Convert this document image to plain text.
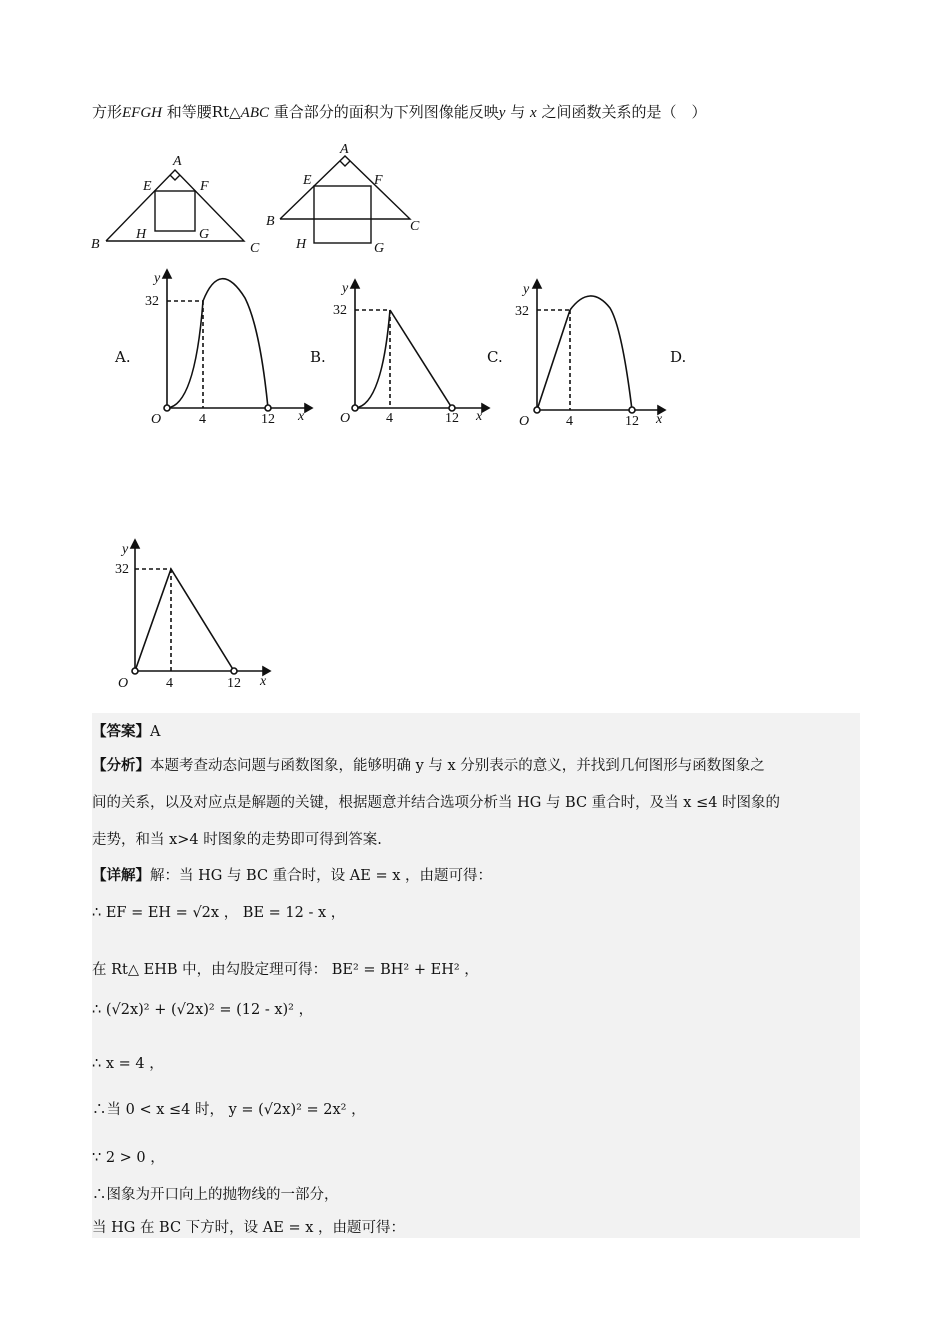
方形EFGH 和等腰Rt△ABC 重合部分的面积为下列图像能反映y 与 x 之间函数关系的是（　）
A
E	F
B
H	G
C
A
E	F
B
H	G
C
A.	B.	C.	D.
y
32
O	4	12 x
y
32
O	4	12 x
y
32
O	4	12 x
y
32
O	4	12 x
【答案】A
【分析】本题考查动态问题与函数图象，能够明确 y 与 x 分别表示的意义，并找到几何图形与函数图象之
间的关系，以及对应点是解题的关键，根据题意并结合选项分析当 HG 与 BC 重合时，及当 x ≤4 时图象的
走势，和当 x>4 时图象的走势即可得到答案.
【详解】解：当 HG 与 BC 重合时，设 AE = x ，由题可得：
∴ EF = EH = √2x ， BE = 12 - x ，
在 Rt△ EHB 中，由勾股定理可得： BE² = BH² + EH² ，
∴ (√2x)² + (√2x)² = (12 - x)² ，
∴ x = 4 ，
∴当 0 < x ≤4 时， y = (√2x)² = 2x² ，
∵ 2 > 0 ，
∴图象为开口向上的抛物线的一部分，
当 HG 在 BC 下方时，设 AE = x ，由题可得：
